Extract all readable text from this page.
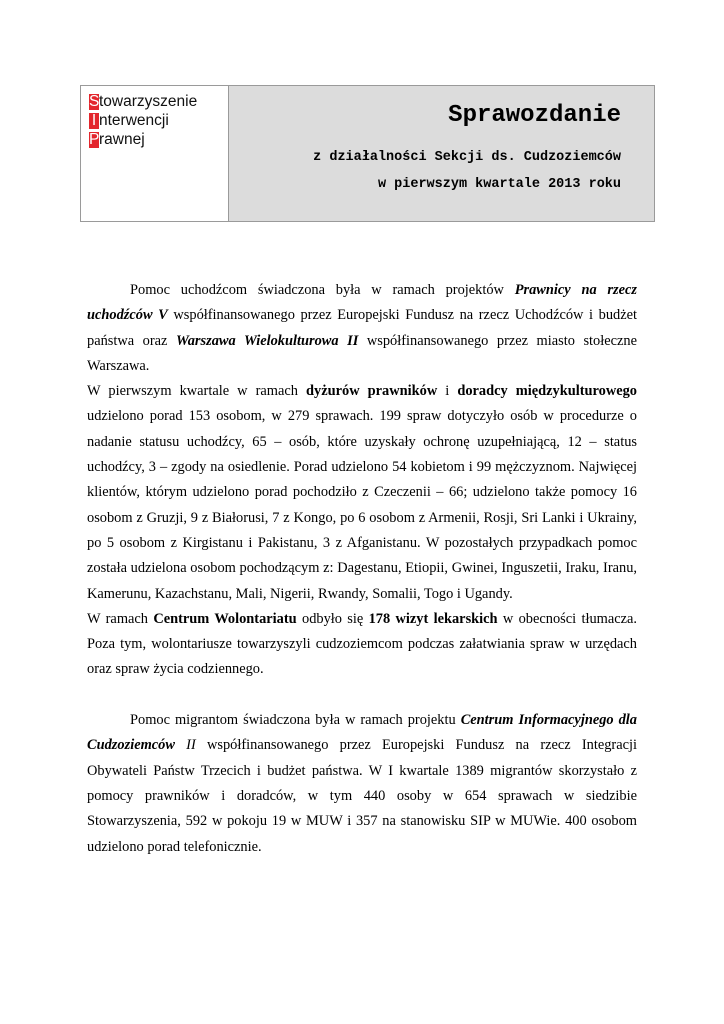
Stowarzyszenie
I nterwencji
Prawnej
Sprawozdanie
z działalności Sekcji ds. Cudzoziemców
w pierwszym kwartale 2013 roku

Pomoc uchodźcom świadczona była w ramach projektów Prawnicy na rzecz uchodźców V współfinansowanego przez Europejski Fundusz na rzecz Uchodźców i budżet państwa oraz Warszawa Wielokulturowa II współfinansowanego przez miasto stołeczne Warszawa.

W pierwszym kwartale w ramach dyżurów prawników i doradcy międzykulturowego udzielono porad 153 osobom, w 279 sprawach. 199 spraw dotyczyło osób w procedurze o nadanie statusu uchodźcy, 65 – osób, które uzyskały ochronę uzupełniającą, 12 – status uchodźcy, 3 – zgody na osiedlenie. Porad udzielono 54 kobietom i 99 mężczyznom. Najwięcej klientów, którym udzielono porad pochodziło z Czeczenii – 66; udzielono także pomocy 16 osobom z Gruzji, 9 z Białorusi, 7 z Kongo, po 6 osobom z Armenii, Rosji, Sri Lanki i Ukrainy, po 5 osobom z Kirgistanu i Pakistanu, 3 z Afganistanu. W pozostałych przypadkach pomoc została udzielona osobom pochodzącym z: Dagestanu, Etiopii, Gwinei, Inguszetii, Iraku, Iranu, Kamerunu, Kazachstanu, Mali, Nigerii, Rwandy, Somalii, Togo i Ugandy.

W ramach Centrum Wolontariatu odbyło się 178 wizyt lekarskich w obecności tłumacza. Poza tym, wolontariusze towarzyszyli cudzoziemcom podczas załatwiania spraw w urzędach oraz spraw życia codziennego.

Pomoc migrantom świadczona była w ramach projektu Centrum Informacyjnego dla Cudzoziemców II współfinansowanego przez Europejski Fundusz na rzecz Integracji Obywateli Państw Trzecich i budżet państwa. W I kwartale 1389 migrantów skorzystało z pomocy prawników i doradców, w tym 440 osoby w 654 sprawach w siedzibie Stowarzyszenia, 592 w pokoju 19 w MUW i 357 na stanowisku SIP w MUWie. 400 osobom udzielono porad telefonicznie.
